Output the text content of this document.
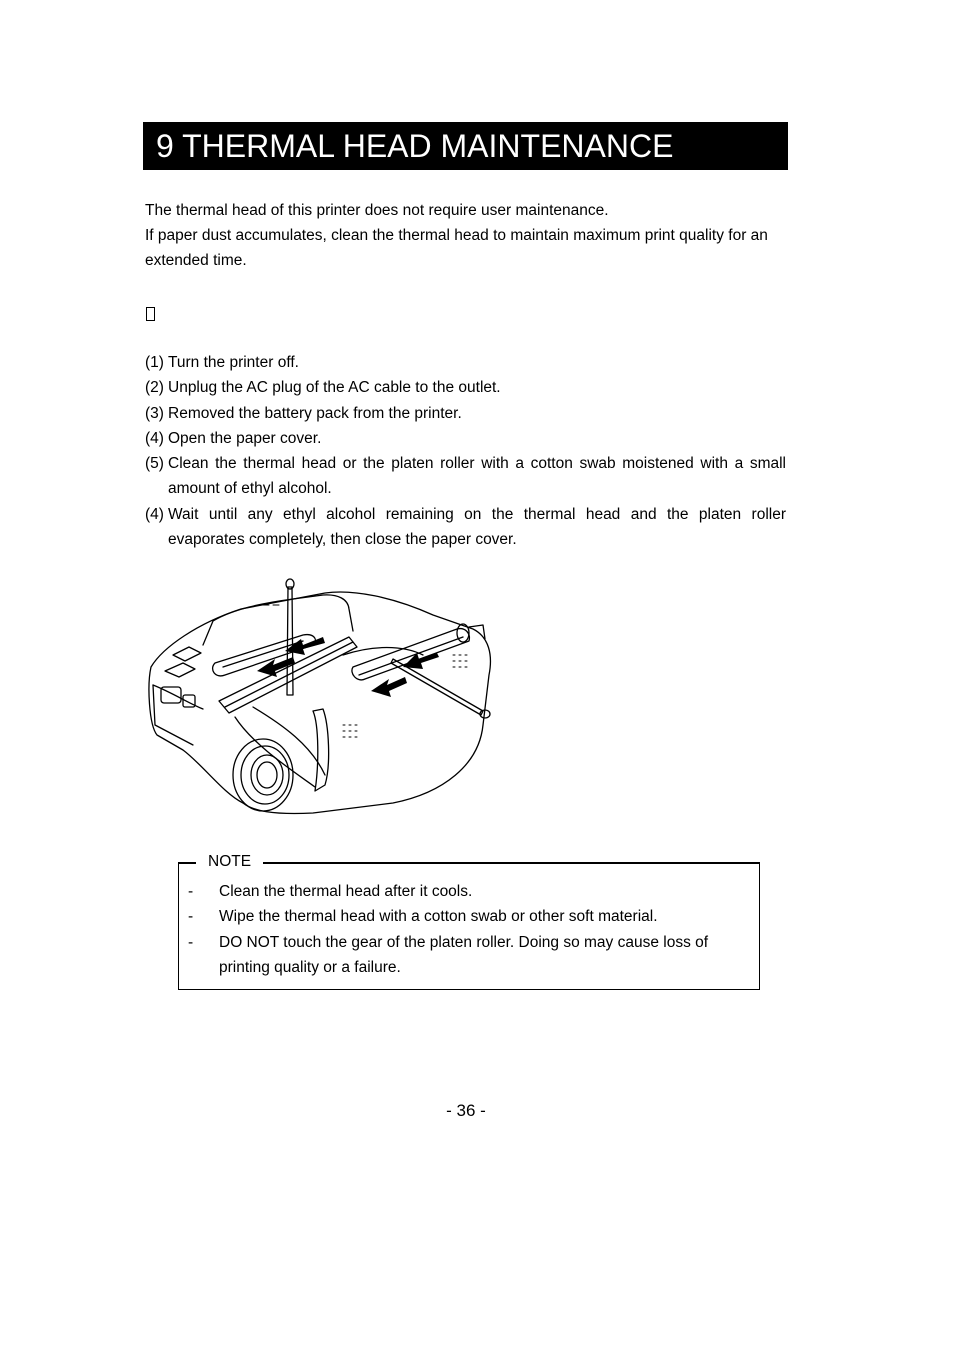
9 THERMAL HEAD MAINTENANCE

The thermal head of this printer does not require user maintenance.

If paper dust accumulates, clean the thermal head to maintain maximum print quality for an extended time.

(1) Turn the printer off.
(2) Unplug the AC plug of the AC cable to the outlet.
(3) Removed the battery pack from the printer.
(4) Open the paper cover.
(5) Clean the thermal head or the platen roller with a cotton swab moistened with a small amount of ethyl alcohol.
(4) Wait until any ethyl alcohol remaining on the thermal head and the platen roller evaporates completely, then close the paper cover.
NOTE
-	Clean the thermal head after it cools.
-	Wipe the thermal head with a cotton swab or other soft material.
-	DO NOT touch the gear of the platen roller. Doing so may cause loss of printing quality or a failure.
- 36 -
